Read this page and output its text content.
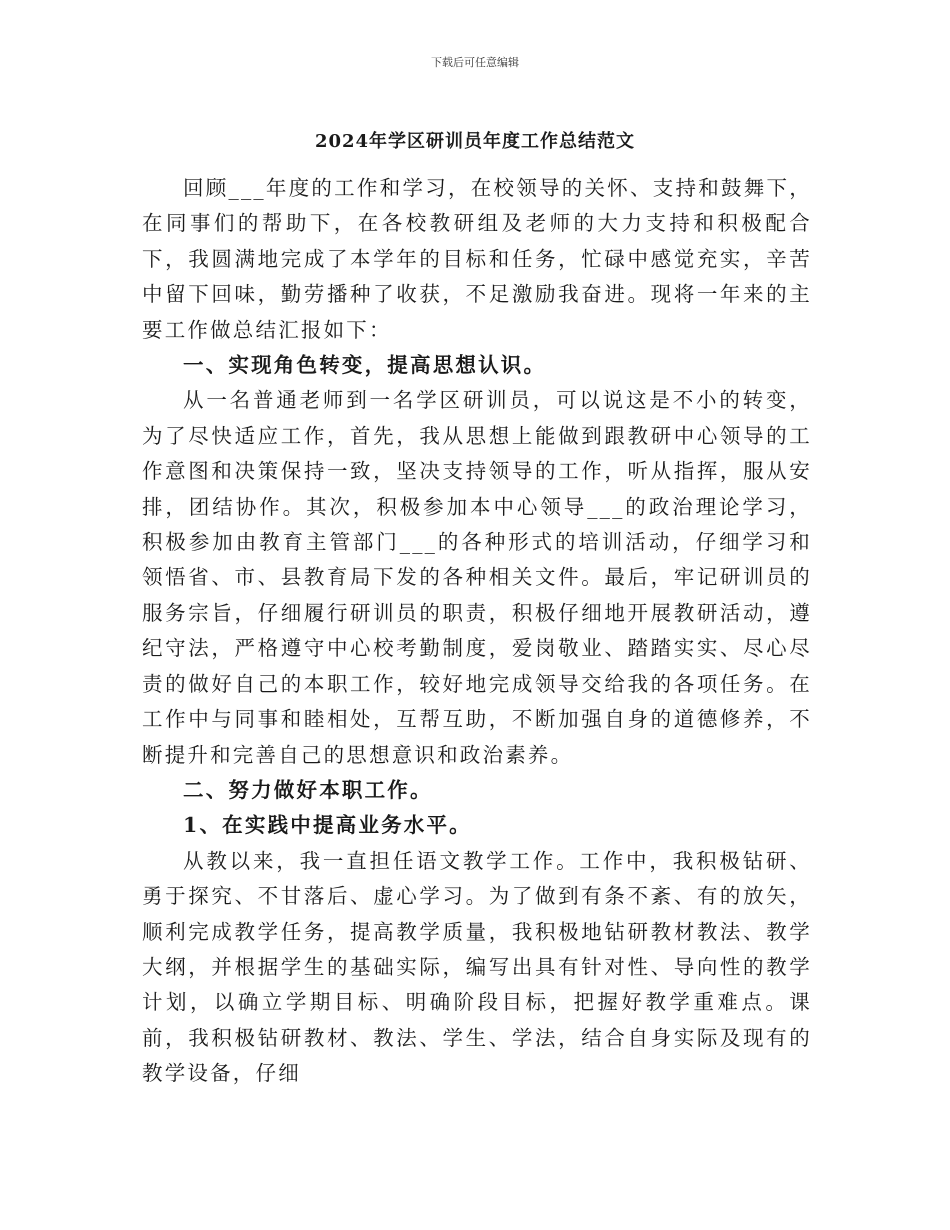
下载后可任意编辑
2024年学区研训员年度工作总结范文

回顾___年度的工作和学习，在校领导的关怀、支持和鼓舞下，在同事们的帮助下，在各校教研组及老师的大力支持和积极配合下，我圆满地完成了本学年的目标和任务，忙碌中感觉充实，辛苦中留下回味，勤劳播种了收获，不足激励我奋进。现将一年来的主要工作做总结汇报如下：

一、实现角色转变，提高思想认识。

从一名普通老师到一名学区研训员，可以说这是不小的转变，为了尽快适应工作，首先，我从思想上能做到跟教研中心领导的工作意图和决策保持一致，坚决支持领导的工作，听从指挥，服从安排，团结协作。其次，积极参加本中心领导___的政治理论学习，积极参加由教育主管部门___的各种形式的培训活动，仔细学习和领悟省、市、县教育局下发的各种相关文件。最后，牢记研训员的服务宗旨，仔细履行研训员的职责，积极仔细地开展教研活动，遵纪守法，严格遵守中心校考勤制度，爱岗敬业、踏踏实实、尽心尽责的做好自己的本职工作，较好地完成领导交给我的各项任务。在工作中与同事和睦相处，互帮互助，不断加强自身的道德修养，不断提升和完善自己的思想意识和政治素养。

二、努力做好本职工作。

1、在实践中提高业务水平。

从教以来，我一直担任语文教学工作。工作中，我积极钻研、勇于探究、不甘落后、虚心学习。为了做到有条不紊、有的放矢，顺利完成教学任务，提高教学质量，我积极地钻研教材教法、教学大纲，并根据学生的基础实际，编写出具有针对性、导向性的教学计划，以确立学期目标、明确阶段目标，把握好教学重难点。课前，我积极钻研教材、教法、学生、学法，结合自身实际及现有的教学设备，仔细
